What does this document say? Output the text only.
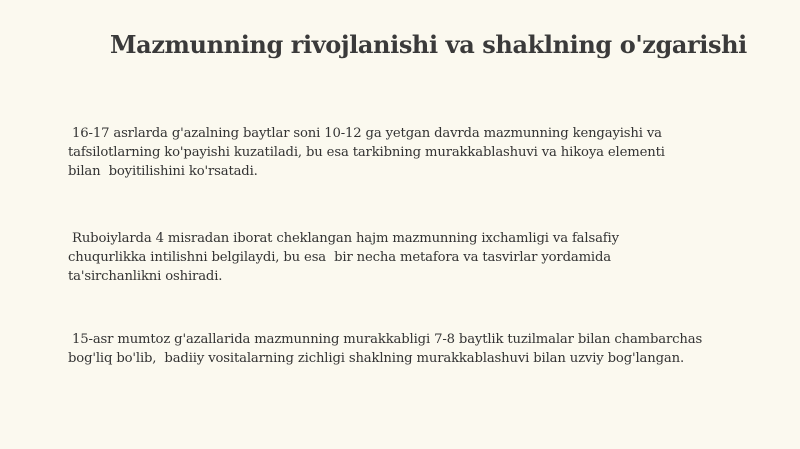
Mazmunning rivojlanishi va shaklning o'zgarishi
16-17 asrlarda g'azalning baytlar soni 10-12 ga yetgan davrda mazmunning kengayishi va
tafsilotlarning ko'payishi kuzatiladi, bu esa tarkibning murakkablashuvi va hikoya elementi
bilan  boyitilishini ko'rsatadi.
Ruboiylarda 4 misradan iborat cheklangan hajm mazmunning ixchamligi va falsafiy
chuqurlikka intilishni belgilaydi, bu esa  bir necha metafora va tasvirlar yordamida
ta'sirchanlikni oshiradi.
15-asr mumtoz g'azallarida mazmunning murakkabligi 7-8 baytlik tuzilmalar bilan chambarchas
bog'liq bo'lib,  badiiy vositalarning zichligi shaklning murakkablashuvi bilan uzviy bog'langan.
